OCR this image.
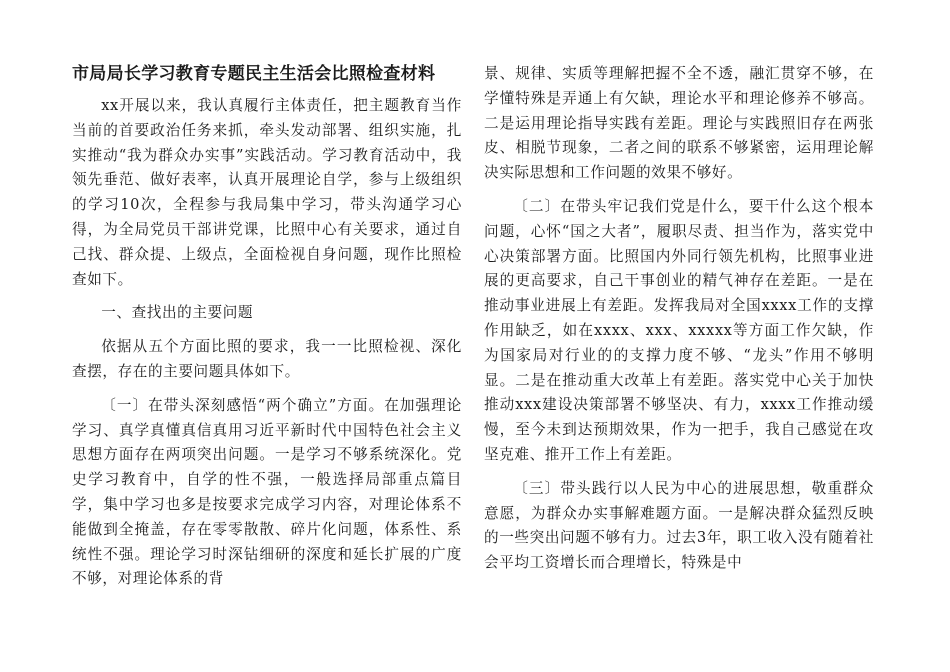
市局局长学习教育专题民主生活会比照检查材料

xx开展以来，我认真履行主体责任，把主题教育当作当前的首要政治任务来抓，牵头发动部署、组织实施，扎实推动“我为群众办实事”实践活动。学习教育活动中，我领先垂范、做好表率，认真开展理论自学，参与上级组织的学习10次，全程参与我局集中学习，带头沟通学习心得，为全局党员干部讲党课，比照中心有关要求，通过自己找、群众提、上级点，全面检视自身问题，现作比照检查如下。

一、查找出的主要问题

依据从五个方面比照的要求，我一一比照检视、深化查摆，存在的主要问题具体如下。

〔一〕在带头深刻感悟“两个确立”方面。在加强理论学习、真学真懂真信真用习近平新时代中国特色社会主义思想方面存在两项突出问题。一是学习不够系统深化。党史学习教育中，自学的性不强，一般选择局部重点篇目学，集中学习也多是按要求完成学习内容，对理论体系不能做到全掩盖，存在零零散散、碎片化问题，体系性、系统性不强。理论学习时深钻细研的深度和延长扩展的广度不够，对理论体系的背

景、规律、实质等理解把握不全不透，融汇贯穿不够，在学懂特殊是弄通上有欠缺，理论水平和理论修养不够高。二是运用理论指导实践有差距。理论与实践照旧存在两张皮、相脱节现象，二者之间的联系不够紧密，运用理论解决实际思想和工作问题的效果不够好。

〔二〕在带头牢记我们党是什么，要干什么这个根本问题，心怀“国之大者”，履职尽责、担当作为，落实党中心决策部署方面。比照国内外同行领先机构，比照事业进展的更高要求，自己干事创业的精气神存在差距。一是在推动事业进展上有差距。发挥我局对全国xxxx工作的支撑作用缺乏，如在xxxx、xxx、xxxxx等方面工作欠缺，作为国家局对行业的的支撑力度不够、“龙头”作用不够明显。二是在推动重大改革上有差距。落实党中心关于加快推动xxx建设决策部署不够坚决、有力，xxxx工作推动缓慢，至今未到达预期效果，作为一把手，我自己感觉在攻坚克难、推开工作上有差距。

〔三〕带头践行以人民为中心的进展思想，敬重群众意愿，为群众办实事解难题方面。一是解决群众猛烈反映的一些突出问题不够有力。过去3年，职工收入没有随着社会平均工资增长而合理增长，特殊是中
